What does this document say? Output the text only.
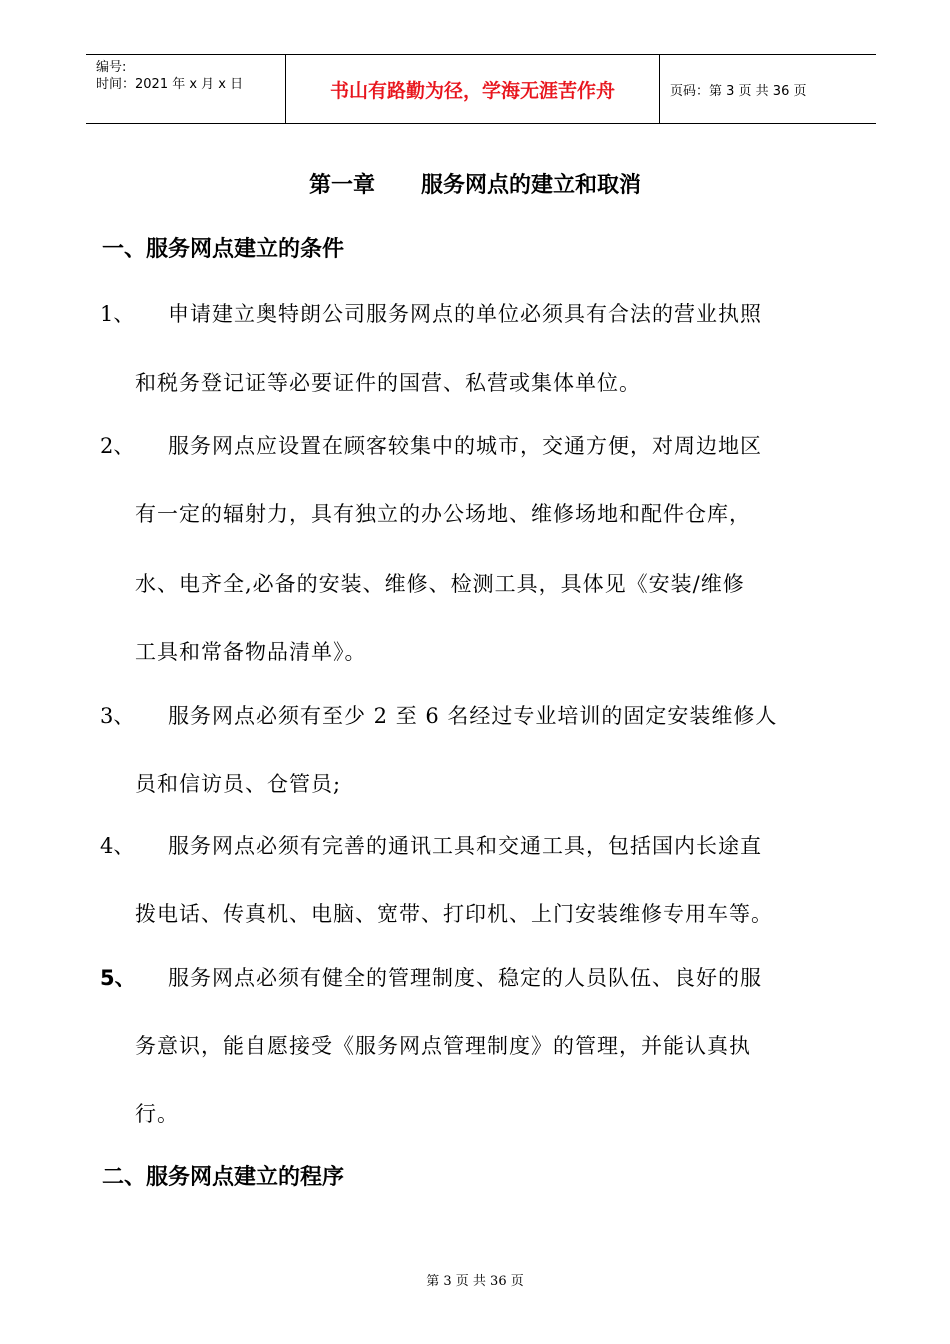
编号:
时间：2021 年 x 月 x 日	书山有路勤为径，学海无涯苦作舟	页码：第 3 页 共 36 页
第一章      服务网点的建立和取消
一、服务网点建立的条件
1、 申请建立奥特朗公司服务网点的单位必须具有合法的营业执照
和税务登记证等必要证件的国营、私营或集体单位。
2、 服务网点应设置在顾客较集中的城市，交通方便，对周边地区
有一定的辐射力，具有独立的办公场地、维修场地和配件仓库，
水、电齐全,必备的安装、维修、检测工具，具体见《安装/维修
工具和常备物品清单》。
3、 服务网点必须有至少 2 至 6 名经过专业培训的固定安装维修人
员和信访员、仓管员;
4、 服务网点必须有完善的通讯工具和交通工具，包括国内长途直
拨电话、传真机、电脑、宽带、打印机、上门安装维修专用车等。
5、 服务网点必须有健全的管理制度、稳定的人员队伍、良好的服
务意识，能自愿接受《服务网点管理制度》的管理，并能认真执
行。
二、服务网点建立的程序
第 3 页 共 36 页
